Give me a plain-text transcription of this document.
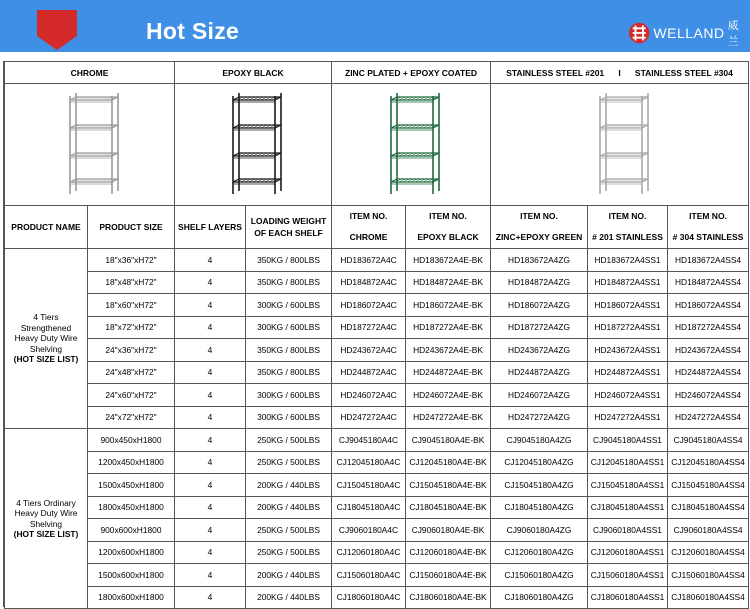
Hot Size	WELLAND 威兰
CHROME		EPOXY BLACK		ZINC PLATED + EPOXY COATED		STAINLESS STEEL #201 I STAINLESS STEEL #304		

PRODUCT NAME	PRODUCT SIZE	SHELF LAYERS	LOADING WEIGHT OF EACH SHELF	ITEM NO.
CHROME	ITEM NO.
EPOXY BLACK	ITEM NO.
ZINC+EPOXY GREEN	ITEM NO.
# 201 STAINLESS	ITEM NO.
# 304 STAINLESS

4 Tiers Strengthened Heavy Duty Wire Shelving
(HOT SIZE LIST)	18"x36"xH72"	4	350KG / 800LBS	HD183672A4C	HD183672A4E-BK	HD183672A4ZG	HD183672A4SS1	HD183672A4SS4
	18"x48"xH72"	4	350KG / 800LBS	HD184872A4C	HD184872A4E-BK	HD184872A4ZG	HD184872A4SS1	HD184872A4SS4
	18"x60"xH72"	4	300KG / 600LBS	HD186072A4C	HD186072A4E-BK	HD186072A4ZG	HD186072A4SS1	HD186072A4SS4
	18"x72"xH72"	4	300KG / 600LBS	HD187272A4C	HD187272A4E-BK	HD187272A4ZG	HD187272A4SS1	HD187272A4SS4
	24"x36"xH72"	4	350KG / 800LBS	HD243672A4C	HD243672A4E-BK	HD243672A4ZG	HD243672A4SS1	HD243672A4SS4
	24"x48"xH72"	4	350KG / 800LBS	HD244872A4C	HD244872A4E-BK	HD244872A4ZG	HD244872A4SS1	HD244872A4SS4
	24"x60"xH72"	4	300KG / 600LBS	HD246072A4C	HD246072A4E-BK	HD246072A4ZG	HD246072A4SS1	HD246072A4SS4
	24"x72"xH72"	4	300KG / 600LBS	HD247272A4C	HD247272A4E-BK	HD247272A4ZG	HD247272A4SS1	HD247272A4SS4
4 Tiers Ordinary Heavy Duty Wire Shelving
(HOT SIZE LIST)	900x450xH1800	4	250KG / 500LBS	CJ9045180A4C	CJ9045180A4E-BK	CJ9045180A4ZG	CJ9045180A4SS1	CJ9045180A4SS4
	1200x450xH1800	4	250KG / 500LBS	CJ12045180A4C	CJ12045180A4E-BK	CJ12045180A4ZG	CJ12045180A4SS1	CJ12045180A4SS4
	1500x450xH1800	4	200KG / 440LBS	CJ15045180A4C	CJ15045180A4E-BK	CJ15045180A4ZG	CJ15045180A4SS1	CJ15045180A4SS4
	1800x450xH1800	4	200KG / 440LBS	CJ18045180A4C	CJ18045180A4E-BK	CJ18045180A4ZG	CJ18045180A4SS1	CJ18045180A4SS4
	900x600xH1800	4	250KG / 500LBS	CJ9060180A4C	CJ9060180A4E-BK	CJ9060180A4ZG	CJ9060180A4SS1	CJ9060180A4SS4
	1200x600xH1800	4	250KG / 500LBS	CJ12060180A4C	CJ12060180A4E-BK	CJ12060180A4ZG	CJ12060180A4SS1	CJ12060180A4SS4
	1500x600xH1800	4	200KG / 440LBS	CJ15060180A4C	CJ15060180A4E-BK	CJ15060180A4ZG	CJ15060180A4SS1	CJ15060180A4SS4
	1800x600xH1800	4	200KG / 440LBS	CJ18060180A4C	CJ18060180A4E-BK	CJ18060180A4ZG	CJ18060180A4SS1	CJ18060180A4SS4
